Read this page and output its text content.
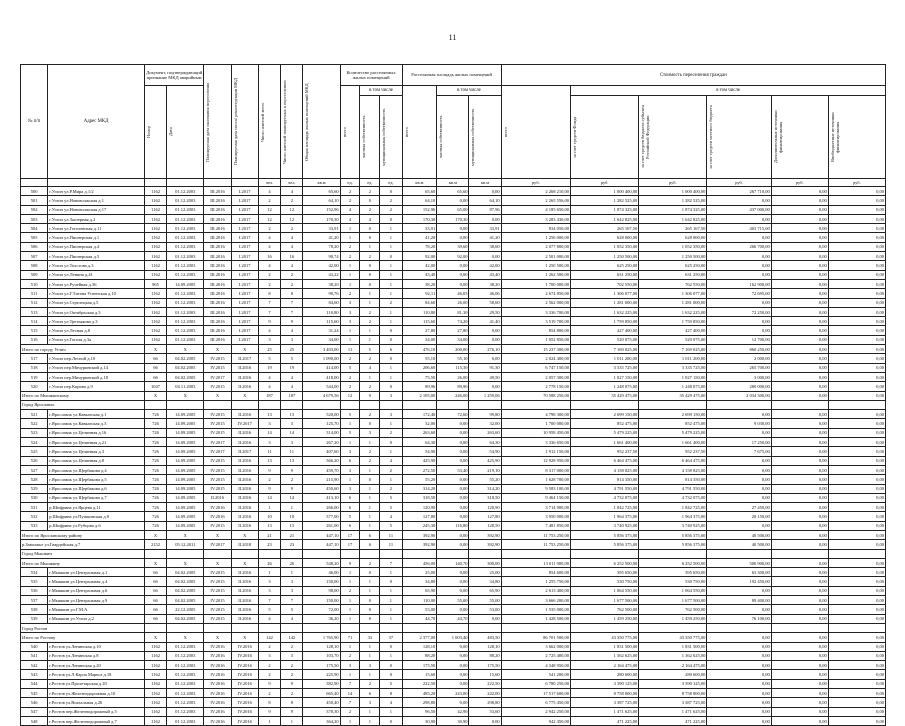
11
№ п/п	Адрес МКД	Документ, подтверждающий признание МКД аварийным		Планируемая дата окончания переселения	Планируемая дата сноса/ реконструкции МКД	Число жителей всего	Число жителей планируемых к переселению	Общая площадь жилых помещений МКД	Количество расселяемых жилых помещений			Расселяемая площадь жилых помещений			Стоимость переселения граждан					

		Номер	Дата						всего	в том числе		всего	в том числе		всего	в том числе				

										частная собственность	муниципальная собственность		частная собственность	муниципальная собственность		за счет средств Фонда	за счет средств бюджета субъекта Российской Федерации	за счет средств местного бюджета	Дополнительные источники финансирования	Внебюджетные источники финансирования

						чел.	чел.	кв.м	ед.	ед.	ед.	кв.м	кв.м	кв.м	руб.	руб.	руб.	руб.	руб.	руб.
500	г.Углич ул.Р.Мира д.1/2	1162	01.12.2003	III.2016	I.2017	4	4	65,60	2	2	0	65,60	65,60	0,00	2 268 210,00	1 000 400,00	1 000 400,00	267 710,00	0,00	0,00
501	г.Углич ул.Нововолжская д.1	1162	01.12.2003	III.2016	I.2017	2	2	64,10	2	0	2	64,10	0,00	64,10	2 265 556,00	1 282 525,00	1 282 525,00	0,00	0,00	0,00
502	г.Углич ул.Нововолжская д.17	1162	01.12.2003	III.2016	I.2017	12	12	152,96	4	2	2	152,96	65,00	87,96	4 185 650,00	1 874 325,00	1 874 325,00	437 000,00	0,00	0,00
503	г.Углич ул.Заозерная д.2	1162	01.12.2003	III.2016	I.2017	12	12	170,30	4	4	0	170,30	170,30	0,00	3 283 430,00	1 642 825,00	1 642 825,00	0,00	0,00	0,00
504	г.Углич ул.Гоголевская д.11	1162	01.12.2003	III.2016	I.2017	2	2	33,91	1	0	1	33,91	0,00	33,91	834 050,00	265 167,50	265 167,50	403 715,00	0,00	0,00
505	г.Углич ул.Пионерская д.1	1162	01.12.2003	III.2016	I.2017	4	4	41,20	1	0	1	41,20	0,00	41,20	1 256 000,00	628 000,00	628 000,00	0,00	0,00	0,00
506	г.Углич ул.Пионерская д.4	1162	01.12.2003	III.2016	I.2017	4	4	78,20	2	1	1	78,20	39,60	38,60	2 077 800,00	1 052 350,00	1 052 350,00	266 700,00	0,00	0,00
507	г.Углич ул.Пионерская д.5	1162	01.12.2003	III.2016	I.2017	16	16	90,74	2	2	0	92,00	92,00	0,00	2 501 000,00	1 250 500,00	1 250 500,00	0,00	0,00	0,00
508	г.Углич ул.Толстова д.3	1162	01.12.2003	III.2016	I.2017	4	4	42,00	1	0	1	42,00	0,00	42,00	1 250 500,00	625 250,00	625 250,00	0,00	0,00	0,00
509	г.Углич ул.Ленина д.41	1162	01.12.2003	III.2016	I.2017	2	2	43,22	1	0	1	43,40	0,00	43,40	1 262 500,00	631 250,00	631 250,00	0,00	0,00	0,00
510	г.Углич ул.Ручейная д.36	965	14.09.2005	III.2016	I.2017	2	2	38,20	1	0	1	38,20	0,00	38,20	1 700 000,00	702 550,00	762 550,00	162 900,00	0,00	0,00
511	г.Углич ул.Г.Титова Успенская д.10	1162	01.12.2003	III.2016	I.2017	8	8	90,76	2	1	1	92,11	46,05	46,06	2 674 850,00	1 306 077,00	1 306 077,00	72 695,00	0,00	0,00
512	г.Углич ул.Стрелецкая д.5	1162	01.12.2003	III.2016	I.2017	7	7	84,60	3	1	2	84,60	26,00	58,60	2 562 000,00	1 281 000,00	1 281 000,00	0,00	0,00	0,00
513	г.Углич ул.Октябрьская д.3	1162	01.12.2003	III.2016	I.2017	7	7	110,80	3	2	1	110,80	81,30	29,50	3 336 700,00	1 632 225,00	1 632 225,00	72 250,00	0,00	0,00
514	г.Углич ул.Третьякова д.3	1162	01.12.2003	III.2016	I.2017	9	9	115,60	3	2	1	115,60	74,20	41,40	3 519 700,00	1 759 850,00	1 759 850,00	0,00	0,00	0,00
515	г.Углич ул.Лесная д.8	1162	01.12.2003	III.2016	I.2017	4	4	31,24	1	1	0	27,80	27,80	0,00	854 800,00	427 400,00	427 400,00	0,00	0,00	0,00
516	г.Углич ул.Гоголя д.3а	1162	01.12.2003	III.2016	I.2017	3	3	34,00	1	1	0	34,00	34,00	0,00	1 052 850,00	520 075,00	520 075,00	12 700,00	0,00	0,00
Итого по городу Углич		X	X	X	X	25	25	3 403,00	11	5	6	476,10	200,00	276,10	15 237 300,00	7 169 025,00	7 169 025,00	860 250,00	0,00	0,00
517	г.Углич пер.Лесной д.10	66	04.02.2005	IV.2015	II.2017	5	5	1 090,00	2	2	0	55,10	55,10	0,00	2 024 400,00	1 011 200,00	1 011 200,00	2 000,00	0,00	0,00
518	г.Углич пер.Мичуринский д.14	66	04.02.2005	IV.2015	II.2016	19	19	414,00	5	4	1	206,60	115,30	91,30	6 747 150,00	3 335 725,00	3 335 725,00	265 700,00	0,00	0,00
519	г.Углич пер.Мичуринский д.18	66	04.02.2005	IV.2017	II.2016	4	4	418,00	2	1	1	75,50	26,00	49,50	2 057 300,00	1 027 150,00	1 027 150,00	3 000,00	0,00	0,00
520	г.Углич пер.Кирова д.9	1047	04.11.2003	IV.2015	II.2016	4	4	544,00	2	2	0	89,96	89,96	0,00	2 778 150,00	1 248 075,00	1 248 075,00	280 000,00	0,00	0,00
Итого по Мышкинскому		X	X	X	X	187	187	4 679,56	12	9	3	2 105,00	246,00	1 259,06	70 588 250,00	35 429 475,00	35 429 475,00	2 034 300,00	0,00	0,00
Город Ярославль																				
521	г.Ярославль ул.Кавказская д.1	726	14.09.2005	IV.2015	II.2016	13	13	520,00	5	2	3	172,40	72,60	99,80	4 798 300,00	2 699 150,00	2 699 150,00	0,00	0,00	0,00
522	г.Ярославль ул.Кавказская д.3	726	14.09.2005	IV.2015	IV.2017	3	3	125,70	1	0	1	32,00	0,00	32,00	1 700 000,00	852 475,00	852 475,00	9 030,00	0,00	0,00
523	г.Ярославль ул.Целинная д.16	726	14.09.2005	IV.2015	II.2016	14	14	314,00	5	3	2	263,60	0,00	263,60	10 958 450,00	5 479 225,00	5 479 225,00	0,00	0,00	0,00
524	г.Ярославль ул.Целинная д.21	726	14.09.2005	IV.2017	II.2016	3	3	267,20	1	1	0	64,30	0,00	64,30	3 336 650,00	1 661 400,00	1 661 400,00	17 250,00	0,00	0,00
525	г.Ярославль ул.Целинная д.3	726	14.09.2005	IV.2017	II.2017	11	11	407,60	3	2	1	54,90	0,00	54,90	1 912 150,00	952 237,50	952 237,50	7 675,00	0,00	0,00
526	г.Ярославль ул.Целинная д.8	726	14.09.2005	IV.2015	II.2016	13	13	366,20	6	2	4	425,90	0,00	425,90	12 928 950,00	6 464 475,00	6 464 475,00	0,00	0,00	0,00
527	г.Ярославль ул.Щербакова д.4	726	14.09.2005	IV.2015	II.2016	9	9	459,70	3	1	2	272,50	53,40	219,10	8 317 000,00	4 158 825,00	4 158 825,00	0,00	0,00	0,00
528	г.Ярославль ул.Щербакова д.5	726	14.09.2005	IV.2015	II.2016	2	2	215,90	1	0	1	55,20	0,00	55,20	1 628 700,00	814 350,00	814 350,00	0,00	0,00	0,00
529	г.Ярославль ул.Щербакова д.6	726	14.09.2005	IV.2015	II.2016	9	9	450,60	3	1	2	314,20	0,00	314,20	9 583 100,00	4 791 550,00	4 791 550,00	0,00	0,00	0,00
530	г.Ярославль ул.Щербакова д.7	726	14.09.2005	II.2016	II.2016	14	14	413,10	6	1	5	318,50	0,00	318,50	9 464 150,00	4 732 075,00	4 732 075,00	0,00	0,00	0,00
531	р.Шифрина ул.Ярцева д.11	726	14.09.2005	IV.2016	II.2016	1	1	266,00	6	1	5	120,90	0,00	120,90	3 714 900,00	1 842 725,00	1 842 725,00	27 450,00	0,00	0,00
532	р.Шифрина ул.Пушкинская д.8	726	14.09.2005	IV.2016	II.2016	10	10	377,00	5	1	4	127,80	0,00	127,80	3 950 900,00	1 964 375,00	1 964 375,00	20 150,00	0,00	0,00
533	р.Шифрина ул.Рубцова д.6	726	14.09.2005	IV.2015	II.2016	13	13	261,00	6	1	5	245,30	116,80	128,50	7 481 850,00	3 740 925,00	3 740 925,00	0,00	0,00	0,00
Итого по Ярославскому району		X	X	X	X	21	21	447,10	17	6	11	392,90	0,00	392,90	11 753 250,00	5 856 375,00	5 856 375,00	40 500,00	0,00	0,00
р.Заволжье ул.Гвардейская д.7		2152	05.12.2011	IV.2017	II.2018	23	23	447,10	17	6	11	392,90	0,00	392,90	11 753 250,00	5 856 375,00	5 856 375,00	40 500,00	0,00	0,00
Город Мышкин																				
Итого по Мышкину		X	X	X	X	26	26	548,20	9	2	7	456,00	140,70	300,00	13 011 900,00	6 252 500,00	6 252 500,00	506 900,00	0,00	0,00
534	г.Мышкин ул.Центральная д.1	66	04.02.2005	IV.2015	II.2016	1	1	46,00	1	0	1	25,00	0,00	25,00	854 600,00	395 650,00	395 650,00	63 300,00	0,00	0,00
535	г.Мышкин ул.Центральная д.4	66	04.02.2005	IV.2015	II.2016	3	3	150,00	1	1	0	34,80	0,00	34,80	1 255 750,00	530 750,00	530 750,00	192 450,00	0,00	0,00
536	г.Мышкин ул.Центральная д.6	66	04.02.2005	IV.2015	II.2016	3	3	98,00	2	1	1	65,90	0,00	65,90	2 613 400,00	1 064 550,00	1 064 550,00	0,00	0,00	0,00
537	г.Мышкин ул.Центральная д.9	66	04.02.2005	IV.2015	II.2016	7	7	150,00	1	0	1	110,00	55,00	55,00	3 666 200,00	1 677 500,00	1 677 500,00	89 400,00	0,00	0,00
538	г.Мышкин ул.Г.М.А.	66	22.12.2005	IV.2015	II.2016	5	5	72,00	1	0	1	53,00	0,00	53,00	1 535 000,00	762 500,00	762 500,00	0,00	0,00	0,00
539	г.Мышкин ул.Углич д.2	66	04.02.2005	IV.2015	II.2016	4	4	36,20	1	0	1	44,70	44,70	0,00	1 428 500,00	1 459 250,00	1 459 250,00	76 100,00	0,00	0,00
Город Ростов																				
Итого по Ростову		X	X	X	X	142	142	1 765,90	71	33	37	2 377,00	1 003,40	483,50	86 701 500,00	43 350 775,00	43 350 775,00	0,00	0,00	0,00
540	г.Ростов ул.Ленинская д.10	1162	01.12.2003	IV.2016	IV.2016	2	2	128,10	1	1	0	128,10	0,00	128,10	3 662 000,00	1 831 500,00	1 831 500,00	0,00	0,00	0,00
541	г.Ростов ул.Ленинская д.8	1162	01.12.2003	IV.2016	IV.2016	3	3	103,70	2	1	1	88,20	0,00	88,20	2 725 400,00	1 362 625,00	1 362 625,00	0,00	0,00	0,00
542	г.Ростов ул.Ленинская д.20	1162	01.12.2003	IV.2016	IV.2016	2	2	175,50	3	3	0	175,50	0,00	175,50	4 348 950,00	2 164 475,00	2 164 475,00	0,00	0,00	0,00
543	г.Ростов ул.Л.Карла Маркса д.18	1162	01.12.2003	IV.2016	IV.2016	2	2	225,90	1	1	0	15,60	0,00	15,60	541 200,00	280 600,00	280 600,00	0,00	0,00	0,00
544	г.Ростов ул.Пролетарская д.20	1162	01.12.2003	IV.2016	IV.2016	9	9	382,90	7	2	5	222,50	0,00	222,50	6 780 250,00	3 390 125,00	3 390 125,00	0,00	0,00	0,00
545	г.Ростов ул.Железнодорожная д.10	1162	01.12.2003	IV.2016	IV.2016	2	2	665,40	14	6	8	485,20	243,00	242,00	17 517 600,00	8 758 800,00	8 758 800,00	0,00	0,00	0,00
546	г.Ростов ул.Вокзальная д.26	1162	01.12.2003	IV.2016	IV.2016	8	8	450,40	7	3	4	298,80	0,00	298,80	6 775 450,00	3 387 725,00	3 387 725,00	0,00	0,00	0,00
547	г.Ростов пер.Железнодорожный д.5	1162	01.12.2003	IV.2016	IV.2016	9	9	378,30	2	1	1	96,50	42,90	53,60	2 942 250,00	1 471 625,00	1 471 625,00	0,00	0,00	0,00
548	г.Ростов пер.Железнодорожный д.7	1162	01.12.2003	IV.2016	IV.2016	1	1	364,20	1	1	0	30,90	30,90	0,00	942 450,00	471 225,00	471 225,00	0,00	0,00	0,00
